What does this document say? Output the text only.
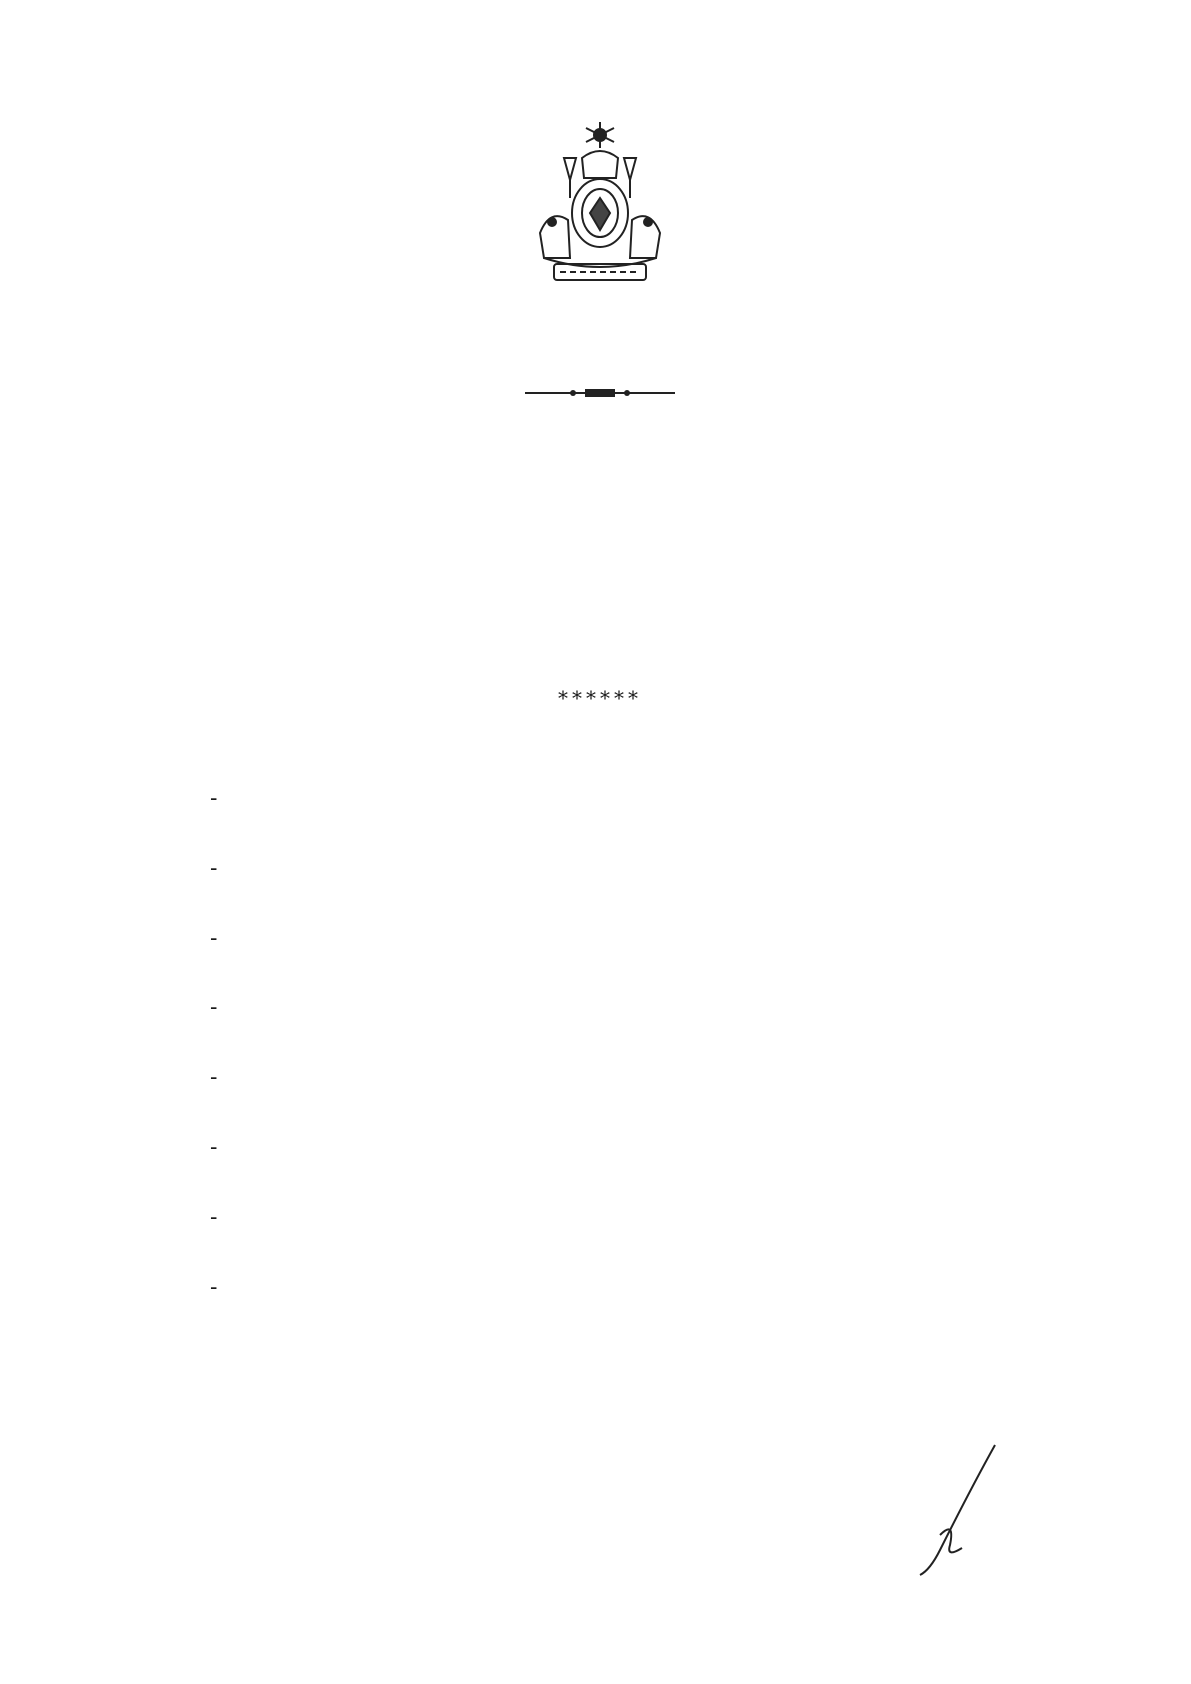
******
-
-
-
-
-
-
-
-
